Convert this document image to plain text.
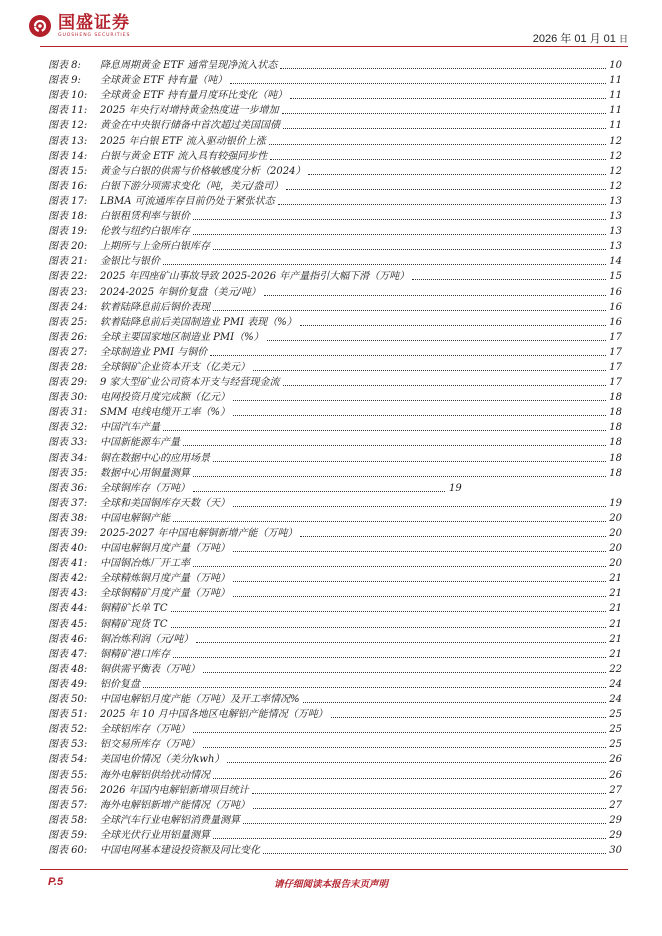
国盛证券
GUOSHENG SECURITIES	2026 年 01 月 01 日
图表 8:	降息周期黄金 ETF 通常呈现净流入状态	10
图表 9:	全球黄金 ETF 持有量（吨）	11
图表 10:	全球黄金 ETF 持有量月度环比变化（吨）	11
图表 11:	2025 年央行对增持黄金热度进一步增加	11
图表 12:	黄金在中央银行储备中首次超过美国国债	11
图表 13:	2025 年白银 ETF 流入驱动银价上涨	12
图表 14:	白银与黄金 ETF 流入具有较强同步性	12
图表 15:	黄金与白银的供需与价格敏感度分析（2024）	12
图表 16:	白银下游分项需求变化（吨，美元/盎司）	12
图表 17:	LBMA 可流通库存目前仍处于紧张状态	13
图表 18:	白银租赁利率与银价	13
图表 19:	伦敦与纽约白银库存	13
图表 20:	上期所与上金所白银库存	13
图表 21:	金银比与银价	14
图表 22:	2025 年四座矿山事故导致 2025-2026 年产量指引大幅下滑（万吨）	15
图表 23:	2024-2025 年铜价复盘（美元/吨）	16
图表 24:	软着陆降息前后铜价表现	16
图表 25:	软着陆降息前后美国制造业 PMI 表现（%）	16
图表 26:	全球主要国家地区制造业 PMI（%）	17
图表 27:	全球制造业 PMI 与铜价	17
图表 28:	全球铜矿企业资本开支（亿美元）	17
图表 29:	9 家大型矿业公司资本开支与经营现金流	17
图表 30:	电网投资月度完成额（亿元）	18
图表 31:	SMM 电线电缆开工率（%）	18
图表 32:	中国汽车产量	18
图表 33:	中国新能源车产量	18
图表 34:	铜在数据中心的应用场景	18
图表 35:	数据中心用铜量测算	18
图表 36:	全球铜库存（万吨）	19
图表 37:	全球和美国铜库存天数（天）	19
图表 38:	中国电解铜产能	20
图表 39:	2025-2027 年中国电解铜新增产能（万吨）	20
图表 40:	中国电解铜月度产量（万吨）	20
图表 41:	中国铜冶炼厂开工率	20
图表 42:	全球精炼铜月度产量（万吨）	21
图表 43:	全球铜精矿月度产量（万吨）	21
图表 44:	铜精矿长单 TC	21
图表 45:	铜精矿现货 TC	21
图表 46:	铜冶炼利润（元/吨）	21
图表 47:	铜精矿港口库存	21
图表 48:	铜供需平衡表（万吨）	22
图表 49:	铝价复盘	24
图表 50:	中国电解铝月度产能（万吨）及开工率情况%	24
图表 51:	2025 年 10 月中国各地区电解铝产能情况（万吨）	25
图表 52:	全球铝库存（万吨）	25
图表 53:	铝交易所库存（万吨）	25
图表 54:	美国电价情况（美分/kwh）	26
图表 55:	海外电解铝供给扰动情况	26
图表 56:	2026 年国内电解铝新增项目统计	27
图表 57:	海外电解铝新增产能情况（万吨）	27
图表 58:	全球汽车行业电解铝消费量测算	29
图表 59:	全球光伏行业用铝量测算	29
图表 60:	中国电网基本建设投资额及同比变化	30
P.5	请仔细阅读本报告末页声明
